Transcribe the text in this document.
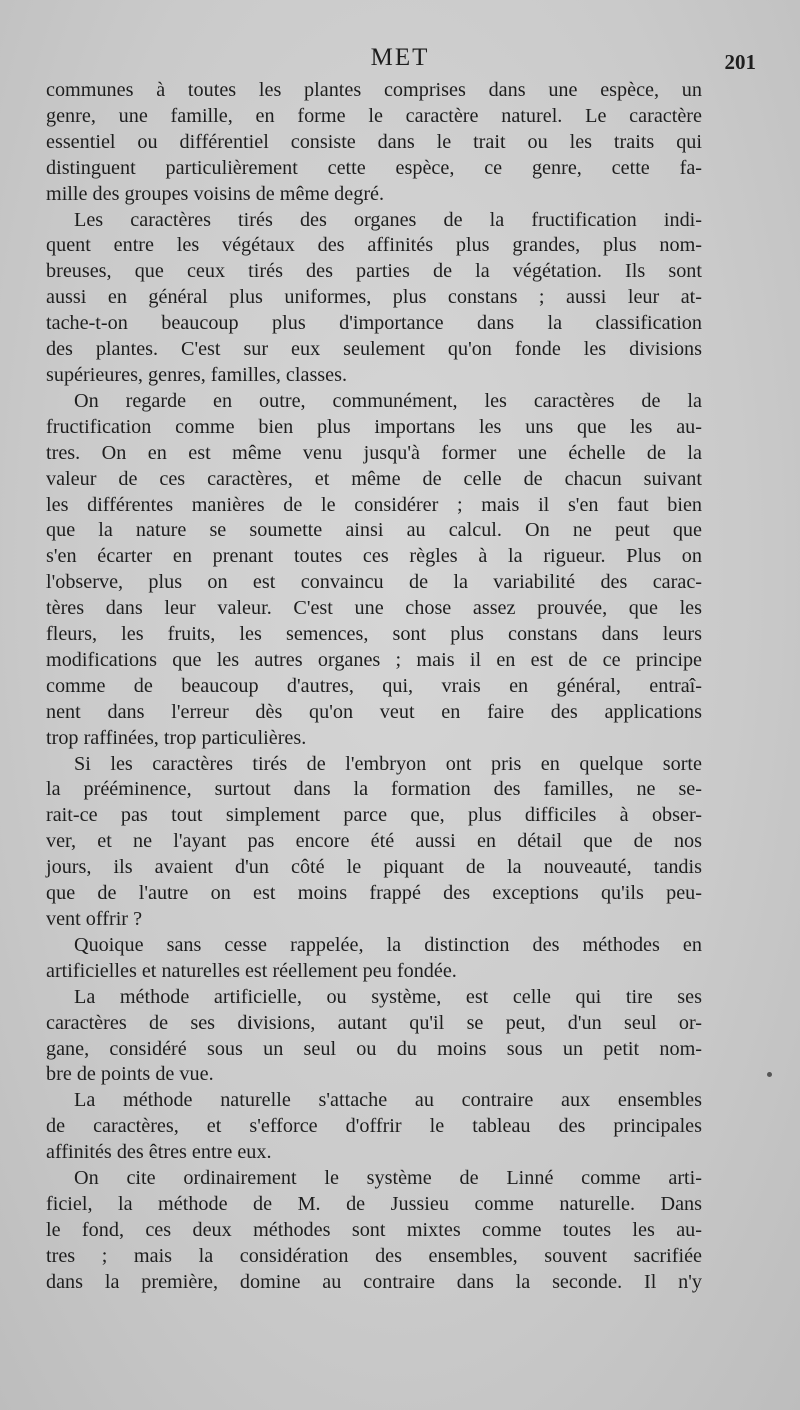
MET	201
communes à toutes les plantes comprises dans une espèce, un
genre, une famille, en forme le caractère naturel. Le caractère
essentiel ou différentiel consiste dans le trait ou les traits qui
distinguent particulièrement cette espèce, ce genre, cette fa-
mille des groupes voisins de même degré.
Les caractères tirés des organes de la fructification indi-
quent entre les végétaux des affinités plus grandes, plus nom-
breuses, que ceux tirés des parties de la végétation. Ils sont
aussi en général plus uniformes, plus constans ; aussi leur at-
tache-t-on beaucoup plus d'importance dans la classification
des plantes. C'est sur eux seulement qu'on fonde les divisions
supérieures, genres, familles, classes.
On regarde en outre, communément, les caractères de la
fructification comme bien plus importans les uns que les au-
tres. On en est même venu jusqu'à former une échelle de la
valeur de ces caractères, et même de celle de chacun suivant
les différentes manières de le considérer ; mais il s'en faut bien
que la nature se soumette ainsi au calcul. On ne peut que
s'en écarter en prenant toutes ces règles à la rigueur. Plus on
l'observe, plus on est convaincu de la variabilité des carac-
tères dans leur valeur. C'est une chose assez prouvée, que les
fleurs, les fruits, les semences, sont plus constans dans leurs
modifications que les autres organes ; mais il en est de ce principe
comme de beaucoup d'autres, qui, vrais en général, entraî-
nent dans l'erreur dès qu'on veut en faire des applications
trop raffinées, trop particulières.
Si les caractères tirés de l'embryon ont pris en quelque sorte
la prééminence, surtout dans la formation des familles, ne se-
rait-ce pas tout simplement parce que, plus difficiles à obser-
ver, et ne l'ayant pas encore été aussi en détail que de nos
jours, ils avaient d'un côté le piquant de la nouveauté, tandis
que de l'autre on est moins frappé des exceptions qu'ils peu-
vent offrir ?
Quoique sans cesse rappelée, la distinction des méthodes en
artificielles et naturelles est réellement peu fondée.
La méthode artificielle, ou système, est celle qui tire ses
caractères de ses divisions, autant qu'il se peut, d'un seul or-
gane, considéré sous un seul ou du moins sous un petit nom-
bre de points de vue.
La méthode naturelle s'attache au contraire aux ensembles
de caractères, et s'efforce d'offrir le tableau des principales
affinités des êtres entre eux.
On cite ordinairement le système de Linné comme arti-
ficiel, la méthode de M. de Jussieu comme naturelle. Dans
le fond, ces deux méthodes sont mixtes comme toutes les au-
tres ; mais la considération des ensembles, souvent sacrifiée
dans la première, domine au contraire dans la seconde. Il n'y
